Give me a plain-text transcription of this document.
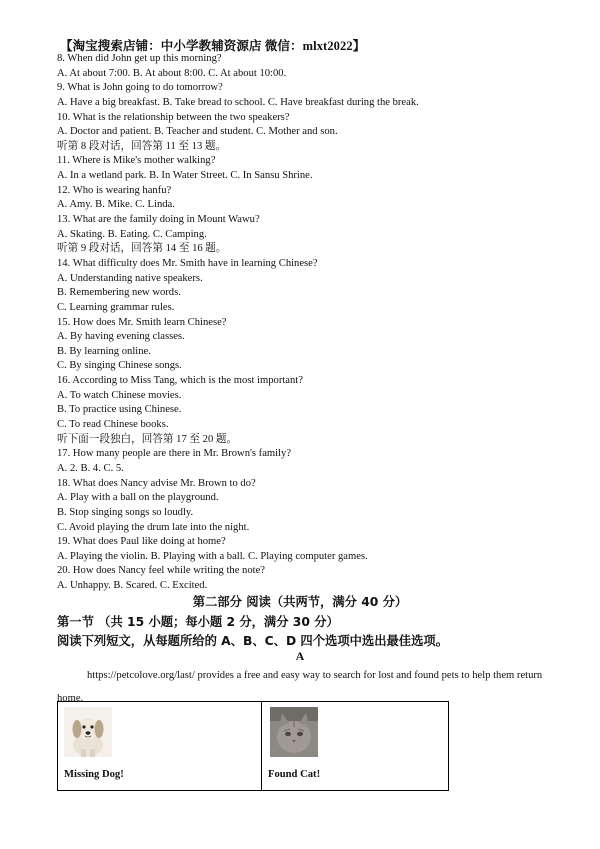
【淘宝搜索店铺：中小学教辅资源店 微信：mlxt2022】
8. When did John get up this morning?
A. At about 7:00. B. At about 8:00. C. At about 10:00.
9. What is John going to do tomorrow?
A. Have a big breakfast. B. Take bread to school. C. Have breakfast during the break.
10. What is the relationship between the two speakers?
A. Doctor and patient. B. Teacher and student. C. Mother and son.
听第 8 段对话，回答第 11 至 13 题。
11. Where is Mike's mother walking?
A. In a wetland park. B. In Water Street. C. In Sansu Shrine.
12. Who is wearing hanfu?
A. Amy. B. Mike. C. Linda.
13. What are the family doing in Mount Wawu?
A. Skating. B. Eating. C. Camping.
听第 9 段对话，回答第 14 至 16 题。
14. What difficulty does Mr. Smith have in learning Chinese?
A. Understanding native speakers.
B. Remembering new words.
C. Learning grammar rules.
15. How does Mr. Smith learn Chinese?
A. By having evening classes.
B. By learning online.
C. By singing Chinese songs.
16. According to Miss Tang, which is the most important?
A. To watch Chinese movies.
B. To practice using Chinese.
C. To read Chinese books.
听下面一段独白，回答第 17 至 20 题。
17. How many people are there in Mr. Brown's family?
A. 2. B. 4. C. 5.
18. What does Nancy advise Mr. Brown to do?
A. Play with a ball on the playground.
B. Stop singing songs so loudly.
C. Avoid playing the drum late into the night.
19. What does Paul like doing at home?
A. Playing the violin. B. Playing with a ball. C. Playing computer games.
20. How does Nancy feel while writing the note?
A. Unhappy. B. Scared. C. Excited.
第二部分 阅读（共两节，满分 40 分）
第一节 （共 15 小题；每小题 2 分，满分 30 分）
阅读下列短文，从每题所给的 A、B、C、D 四个选项中选出最佳选项。
A
https://petcolove.org/last/ provides a free and easy way to search for lost and found pets to help them return home.
Missing Dog!	Found Cat!
